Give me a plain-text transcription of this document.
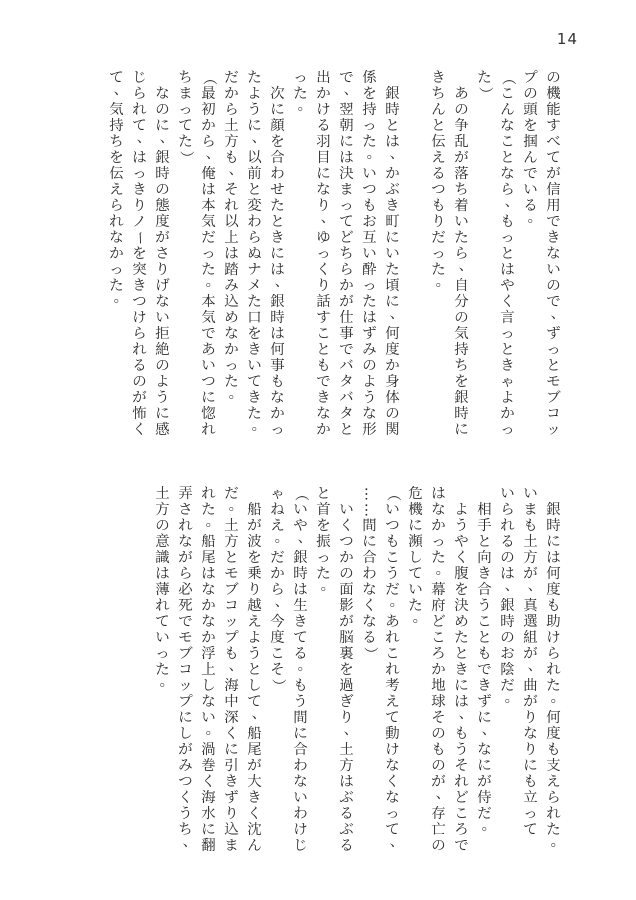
14
の
機
能
す
べ
て
が
信
用
で
き
な
い
の
で
、
ず
っ
と
モ
ブ
コ
ッ
プ
の
頭
を
掴
ん
で
い
る
。
（
こ
ん
な
こ
と
な
ら
、
も
っ
と
は
や
く
言
っ
と
き
ゃ
よ
か
っ
た
）

あ
の
争
乱
が
落
ち
着
い
た
ら
、
自
分
の
気
持
ち
を
銀
時
に
き
ち
ん
と
伝
え
る
つ
も
り
だ
っ
た
。

銀
時
と
は
、
か
ぶ
き
町
に
い
た
頃
に
、
何
度
か
身
体
の
関
係
を
持
っ
た
。
い
つ
も
お
互
い
酔
っ
た
は
ず
み
の
よ
う
な
形
で
、
翌
朝
に
は
決
ま
っ
て
ど
ち
ら
か
が
仕
事
で
バ
タ
バ
タ
と
出
か
け
る
羽
目
に
な
り
、
ゆ
っ
く
り
話
す
こ
と
も
で
き
な
か
っ
た
。

次
に
顔
を
合
わ
せ
た
と
き
に
は
、
銀
時
は
何
事
も
な
か
っ
た
よ
う
に
、
以
前
と
変
わ
ら
ぬ
ナ
メ
た
口
を
き
い
て
き
た
。
だ
か
ら
土
方
も
、
そ
れ
以
上
は
踏
み
込
め
な
か
っ
た
。
（
最
初
か
ら
、
俺
は
本
気
だ
っ
た
。
本
気
で
あ
い
つ
に
惚
れ
ち
ま
っ
て
た
）

な
の
に
、
銀
時
の
態
度
が
さ
り
げ
な
い
拒
絶
の
よ
う
に
感
じ
ら
れ
て
、
は
っ
き
り
ノ
ー
を
突
き
つ
け
ら
れ
る
の
が
怖
く
て
、
気
持
ち
を
伝
え
ら
れ
な
か
っ
た
。

銀
時
に
は
何
度
も
助
け
ら
れ
た
。
何
度
も
支
え
ら
れ
た
。
い
ま
も
土
方
が
、
真
選
組
が
、
曲
が
り
な
り
に
も
立
っ
て
い
ら
れ
る
の
は
、
銀
時
の
お
陰
だ
。

相
手
と
向
き
合
う
こ
と
も
で
き
ず
に
、
な
に
が
侍
だ
。

よ
う
や
く
腹
を
決
め
た
と
き
に
は
、
も
う
そ
れ
ど
こ
ろ
で
は
な
か
っ
た
。
幕
府
ど
こ
ろ
か
地
球
そ
の
も
の
が
、
存
亡
の
危
機
に
瀕
し
て
い
た
。
（
い
つ
も
こ
う
だ
。
あ
れ
こ
れ
考
え
て
動
け
な
く
な
っ
て
、
…
…
間
に
合
わ
な
く
な
る
）

い
く
つ
か
の
面
影
が
脳
裏
を
過
ぎ
り
、
土
方
は
ぶ
る
ぶ
る
と
首
を
振
っ
た
。
（
い
や
、
銀
時
は
生
き
て
る
。
も
う
間
に
合
わ
な
い
わ
け
じ
ゃ
ね
え
。
だ
か
ら
、
今
度
こ
そ
）

船
が
波
を
乗
り
越
え
よ
う
と
し
て
、
船
尾
が
大
き
く
沈
ん
だ
。
土
方
と
モ
ブ
コ
ッ
プ
も
、
海
中
深
く
に
引
き
ず
り
込
ま
れ
た
。
船
尾
は
な
か
な
か
浮
上
し
な
い
。
渦
巻
く
海
水
に
翻
弄
さ
れ
な
が
ら
必
死
で
モ
ブ
コ
ッ
プ
に
し
が
み
つ
く
う
ち
、
土
方
の
意
識
は
薄
れ
て
い
っ
た
。
